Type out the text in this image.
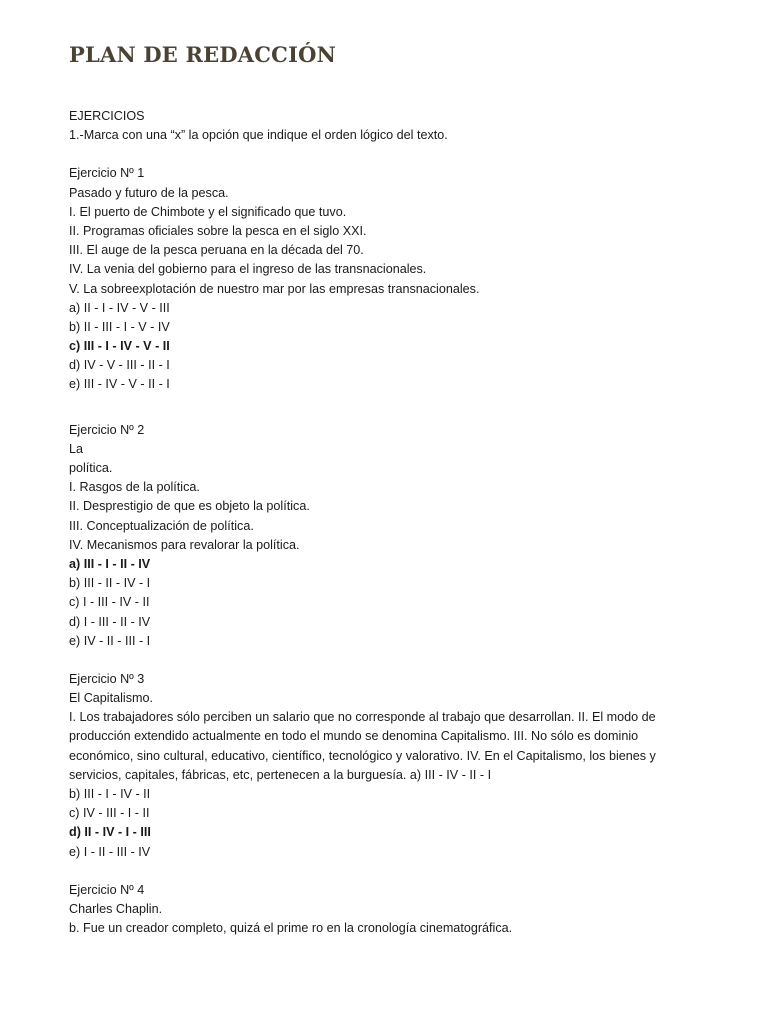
PLAN DE REDACCIÓN
EJERCICIOS
1.-Marca con una “x” la opción que indique el orden lógico del texto.
Ejercicio Nº 1
Pasado y futuro de la pesca.
I. El puerto de Chimbote y el significado que tuvo.
II. Programas oficiales sobre la pesca en el siglo XXI.
III. El auge de la pesca peruana en la década del 70.
IV. La venia del gobierno para el ingreso de las transnacionales.
V. La sobreexplotación de nuestro mar por las empresas transnacionales.
a) II - I - IV - V - III
b) II - III - I - V - IV
c) III - I - IV - V - II
d) IV - V - III - II - I
e) III - IV - V - II - I
Ejercicio Nº 2
La
política.
I. Rasgos de la política.
II. Desprestigio de que es objeto la política.
III. Conceptualización de política.
IV. Mecanismos para revalorar la política.
a) III - I - II - IV
b) III - II - IV - I
c) I - III - IV - II
d) I - III - II - IV
e) IV - II - III - I
Ejercicio Nº 3
El Capitalismo.
I. Los trabajadores sólo perciben un salario que no corresponde al trabajo que desarrollan. II. El modo de producción extendido actualmente en todo el mundo se denomina Capitalismo. III. No sólo es dominio económico, sino cultural, educativo, científico, tecnológico y valorativo. IV. En el Capitalismo, los bienes y servicios, capitales, fábricas, etc, pertenecen a la burguesía. a) III - IV - II - I
b) III - I - IV - II
c) IV - III - I - II
d) II - IV - I - III
e) I - II - III - IV
Ejercicio Nº 4
Charles Chaplin.
b. Fue un creador completo, quizá el prime ro en la cronología cinematográfica.
